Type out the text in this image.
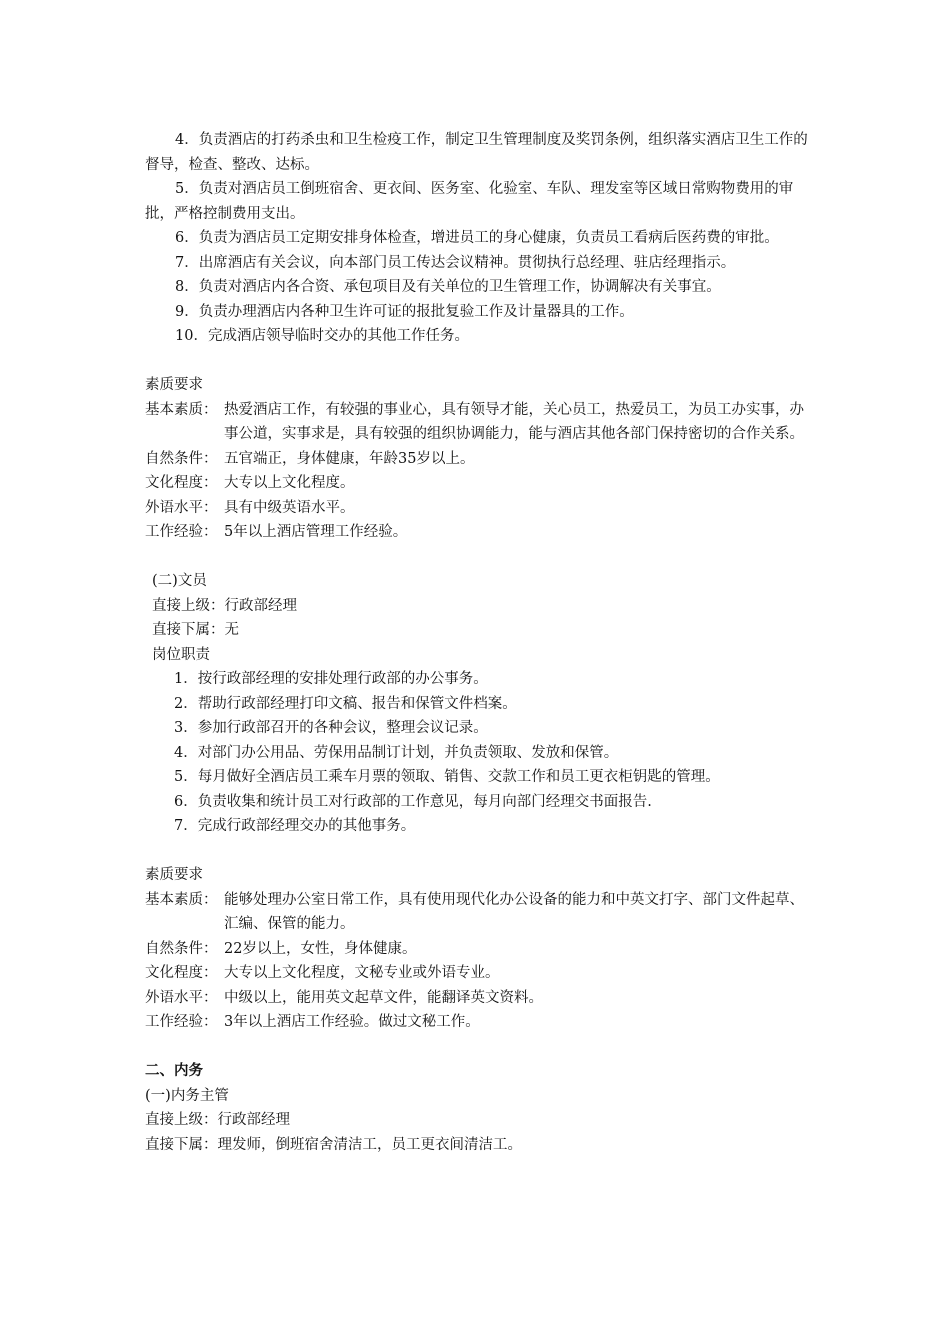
4．负责酒店的打药杀虫和卫生检疫工作，制定卫生管理制度及奖罚条例，组织落实酒店卫生工作的督导，检查、整改、达标。

5．负责对酒店员工倒班宿舍、更衣间、医务室、化验室、车队、理发室等区域日常购物费用的审批，严格控制费用支出。

6．负责为酒店员工定期安排身体检查，增进员工的身心健康，负责员工看病后医药费的审批。

7．出席酒店有关会议，向本部门员工传达会议精神。贯彻执行总经理、驻店经理指示。

8．负责对酒店内各合资、承包项目及有关单位的卫生管理工作，协调解决有关事宜。

9．负责办理酒店内各种卫生许可证的报批复验工作及计量器具的工作。

10．完成酒店领导临时交办的其他工作任务。

素质要求

基本素质： 热爱酒店工作，有较强的事业心，具有领导才能，关心员工，热爱员工，为员工办实事，办事公道，实事求是，具有较强的组织协调能力，能与酒店其他各部门保持密切的合作关系。
自然条件： 五官端正，身体健康，年龄35岁以上。
文化程度： 大专以上文化程度。
外语水平： 具有中级英语水平。
工作经验： 5年以上酒店管理工作经验。

(二)文员

直接上级：行政部经理

直接下属：无

岗位职责

1．按行政部经理的安排处理行政部的办公事务。

2．帮助行政部经理打印文稿、报告和保管文件档案。

3．参加行政部召开的各种会议，整理会议记录。

4．对部门办公用品、劳保用品制订计划，并负责领取、发放和保管。

5．每月做好全酒店员工乘车月票的领取、销售、交款工作和员工更衣柜钥匙的管理。

6．负责收集和统计员工对行政部的工作意见，每月向部门经理交书面报告.

7．完成行政部经理交办的其他事务。

素质要求

基本素质： 能够处理办公室日常工作，具有使用现代化办公设备的能力和中英文打字、部门文件起草、汇编、保管的能力。
自然条件： 22岁以上，女性，身体健康。
文化程度： 大专以上文化程度，文秘专业或外语专业。
外语水平： 中级以上，能用英文起草文件，能翻译英文资料。
工作经验： 3年以上酒店工作经验。做过文秘工作。

二、内务

(一)内务主管

直接上级：行政部经理

直接下属：理发师，倒班宿舍清洁工，员工更衣间清洁工。
